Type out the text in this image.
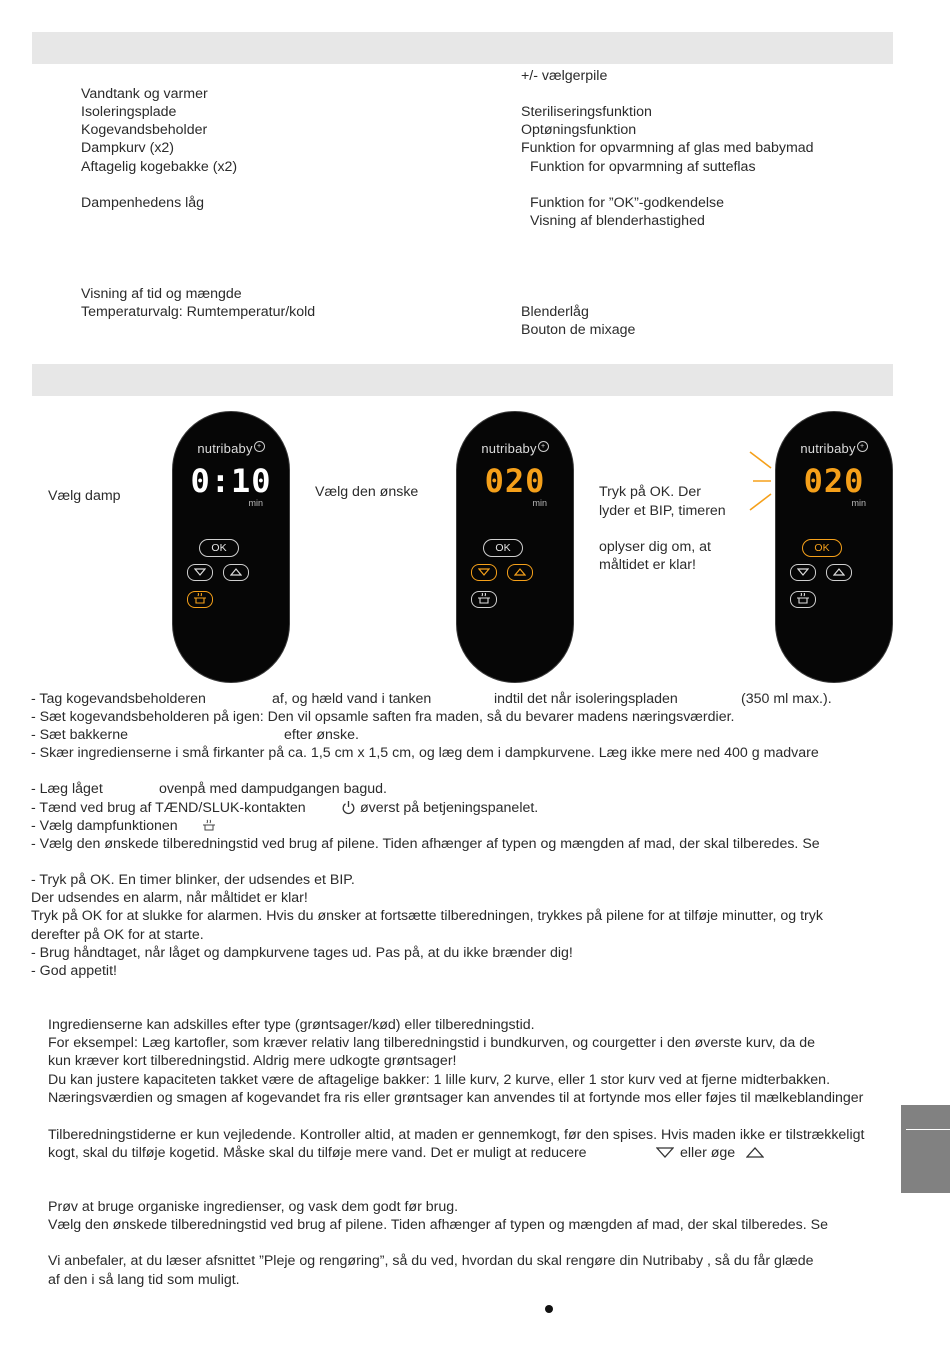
Vandtank og varmer
Isoleringsplade
Kogevandsbeholder
Dampkurv (x2)
Aftagelig kogebakke (x2)
Dampenhedens låg
Visning af tid og mængde
Temperaturvalg: Rumtemperatur/kold
+/- vælgerpile
Steriliseringsfunktion
Optøningsfunktion
Funktion for opvarmning af glas med babymad
Funktion for opvarmning af sutteflas
Funktion for ”OK”-godkendelse
Visning af blenderhastighed
Blenderlåg
Bouton de mixage
Vælg damp	Vælg den ønske	Tryk på OK. Der
lyder et BIP, timeren
oplyser dig om, at
måltidet er klar!
nutribaby +
0:10
min
OK
nutribaby +
020
min
OK
nutribaby +
020
min
OK
- Tag kogevandsbeholderen	af, og hæld vand i tanken	indtil det når isoleringspladen	(350 ml max.).
- Sæt kogevandsbeholderen på igen: Den vil opsamle saften fra maden, så du bevarer madens næringsværdier.
- Sæt bakkerne	efter ønske.
- Skær ingredienserne i små firkanter på ca. 1,5 cm x 1,5 cm, og læg dem i dampkurvene. Læg ikke mere ned 400 g madvare
- Læg låget	ovenpå med dampudgangen bagud.
- Tænd ved brug af TÆND/SLUK-kontakten	øverst på betjeningspanelet.
- Vælg dampfunktionen
- Vælg den ønskede tilberedningstid ved brug af pilene. Tiden afhænger af typen og mængden af mad, der skal tilberedes. Se
- Tryk på OK. En timer blinker, der udsendes et BIP.
Der udsendes en alarm, når måltidet er klar!
Tryk på OK for at slukke for alarmen. Hvis du ønsker at fortsætte tilberedningen, trykkes på pilene for at tilføje minutter, og tryk
derefter på OK for at starte.
- Brug håndtaget, når låget og dampkurvene tages ud. Pas på, at du ikke brænder dig!
- God appetit!
Ingredienserne kan adskilles efter type (grøntsager/kød) eller tilberedningstid.
For eksempel: Læg kartofler, som kræver relativ lang tilberedningstid i bundkurven, og courgetter i den øverste kurv, da de
kun kræver kort tilberedningstid. Aldrig mere udkogte grøntsager!
Du kan justere kapaciteten takket være de aftagelige bakker: 1 lille kurv, 2 kurve, eller 1 stor kurv ved at fjerne midterbakken.
Næringsværdien og smagen af kogevandet fra ris eller grøntsager kan anvendes til at fortynde mos eller føjes til mælkeblandinger
Tilberedningstiderne er kun vejledende. Kontroller altid, at maden er gennemkogt, før den spises. Hvis maden ikke er tilstrækkeligt
kogt, skal du tilføje kogetid. Måske skal du tilføje mere vand. Det er muligt at reducere	eller øge
Prøv at bruge organiske ingredienser, og vask dem godt før brug.
Vælg den ønskede tilberedningstid ved brug af pilene. Tiden afhænger af typen og mængden af mad, der skal tilberedes. Se
Vi anbefaler, at du læser afsnittet ”Pleje og rengøring”, så du ved, hvordan du skal rengøre din Nutribaby , så du får glæde
af den i så lang tid som muligt.
